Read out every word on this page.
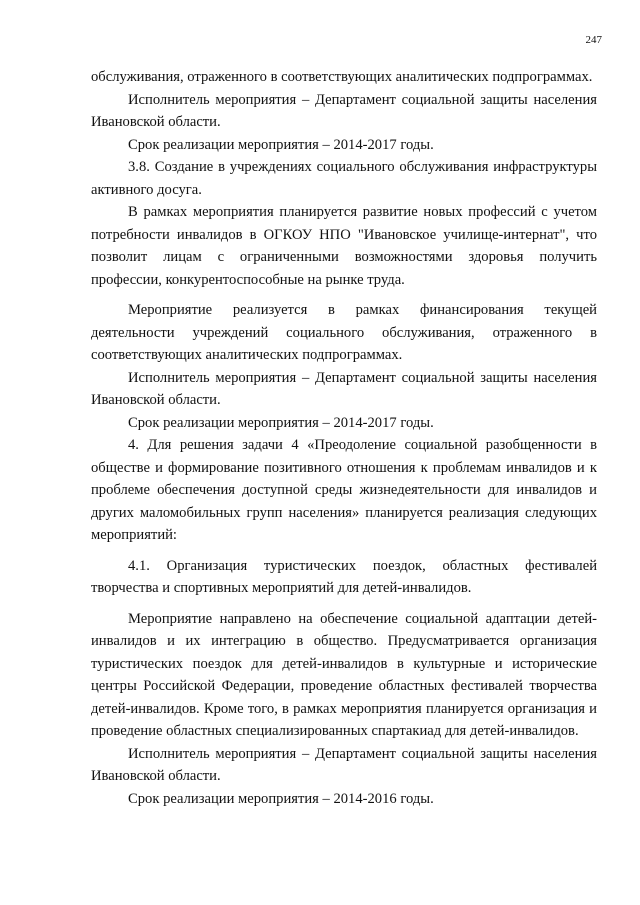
247

обслуживания, отраженного в соответствующих аналитических подпрограммах.

Исполнитель мероприятия – Департамент социальной защиты населения Ивановской области.

Срок реализации мероприятия – 2014-2017 годы.

3.8. Создание в учреждениях социального обслуживания инфраструктуры активного досуга.

В рамках мероприятия планируется развитие новых профессий с учетом потребности инвалидов в ОГКОУ НПО "Ивановское училище-интернат", что позволит лицам с ограниченными возможностями здоровья получить профессии, конкурентоспособные на рынке труда.

Мероприятие реализуется в рамках финансирования текущей деятельности учреждений социального обслуживания, отраженного в соответствующих аналитических подпрограммах.

Исполнитель мероприятия – Департамент социальной защиты населения Ивановской области.

Срок реализации мероприятия – 2014-2017 годы.

4. Для решения задачи 4 «Преодоление социальной разобщенности в обществе и формирование позитивного отношения к проблемам инвалидов и к проблеме обеспечения доступной среды жизнедеятельности для инвалидов и других маломобильных групп населения» планируется реализация следующих мероприятий:

4.1. Организация туристических поездок, областных фестивалей творчества и спортивных мероприятий для детей-инвалидов.

Мероприятие направлено на обеспечение социальной адаптации детей-инвалидов и их интеграцию в общество. Предусматривается организация туристических поездок для детей-инвалидов в культурные и исторические центры Российской Федерации, проведение областных фестивалей творчества детей-инвалидов. Кроме того, в рамках мероприятия планируется организация и проведение областных специализированных спартакиад для детей-инвалидов.

Исполнитель мероприятия – Департамент социальной защиты населения Ивановской области.

Срок реализации мероприятия – 2014-2016 годы.
